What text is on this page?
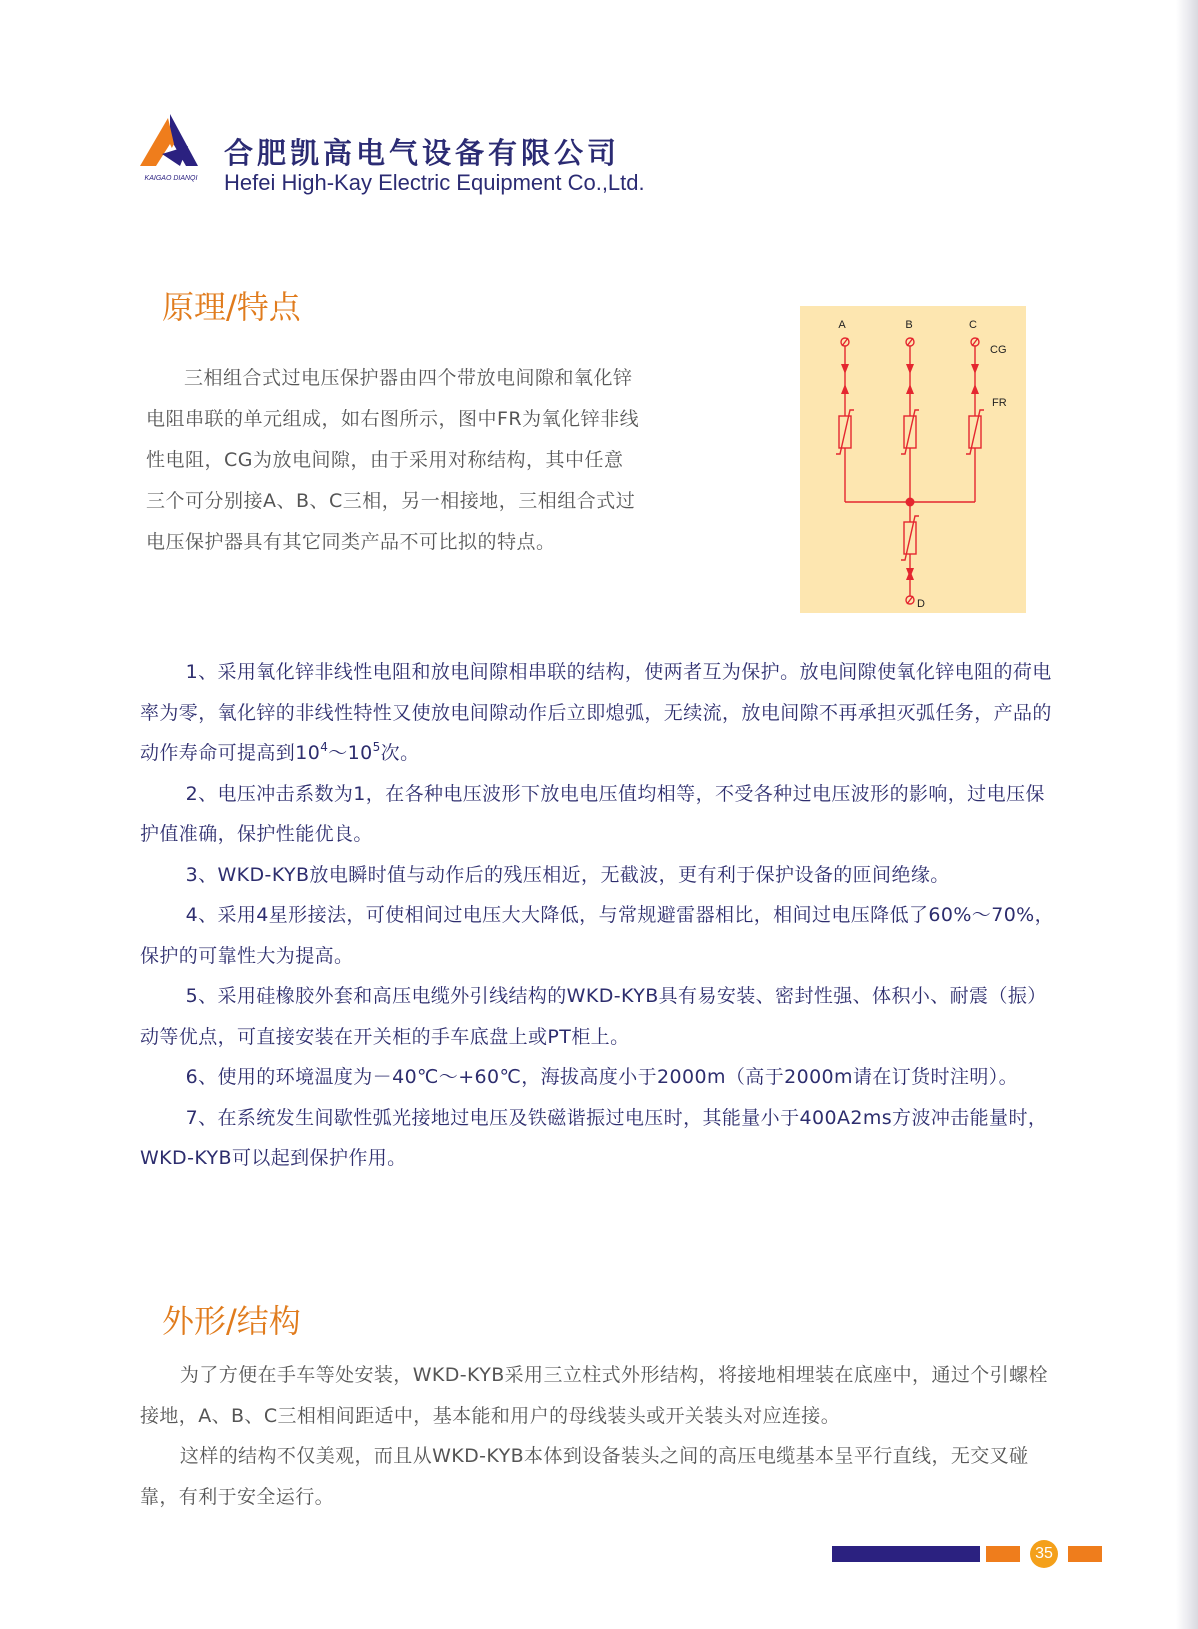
KAIGAO DIANQI
合肥凯高电气设备有限公司
Hefei High-Kay Electric Equipment Co.,Ltd.
原理/特点

三相组合式过电压保护器由四个带放电间隙和氧化锌电阻串联的单元组成，如右图所示，图中FR为氧化锌非线性电阻，CG为放电间隙，由于采用对称结构，其中任意三个可分别接A、B、C三相，另一相接地，三相组合式过电压保护器具有其它同类产品不可比拟的特点。

A	B	C
CG
FR
D

1、采用氧化锌非线性电阻和放电间隙相串联的结构，使两者互为保护。放电间隙使氧化锌电阻的荷电率为零，氧化锌的非线性特性又使放电间隙动作后立即熄弧，无续流，放电间隙不再承担灭弧任务，产品的动作寿命可提高到$10^4\sim 10^5$次。

2、电压冲击系数为1，在各种电压波形下放电电压值均相等，不受各种过电压波形的影响，过电压保护值准确，保护性能优良。

3、WKD-KYB放电瞬时值与动作后的残压相近，无截波，更有利于保护设备的匝间绝缘。

4、采用4星形接法，可使相间过电压大大降低，与常规避雷器相比，相间过电压降低了60%～70%，保护的可靠性大为提高。

5、采用硅橡胶外套和高压电缆外引线结构的WKD-KYB具有易安装、密封性强、体积小、耐震（振）动等优点，可直接安装在开关柜的手车底盘上或PT柜上。

6、使用的环境温度为－40℃～+60℃，海拔高度小于2000m（高于2000m请在订货时注明）。

7、在系统发生间歇性弧光接地过电压及铁磁谐振过电压时，其能量小于400A2ms方波冲击能量时，WKD-KYB可以起到保护作用。

外形/结构

为了方便在手车等处安装，WKD-KYB采用三立柱式外形结构，将接地相埋装在底座中，通过个引螺栓接地，A、B、C三相相间距适中，基本能和用户的母线装头或开关装头对应连接。

这样的结构不仅美观，而且从WKD-KYB本体到设备装头之间的高压电缆基本呈平行直线，无交叉碰靠，有利于安全运行。

35
